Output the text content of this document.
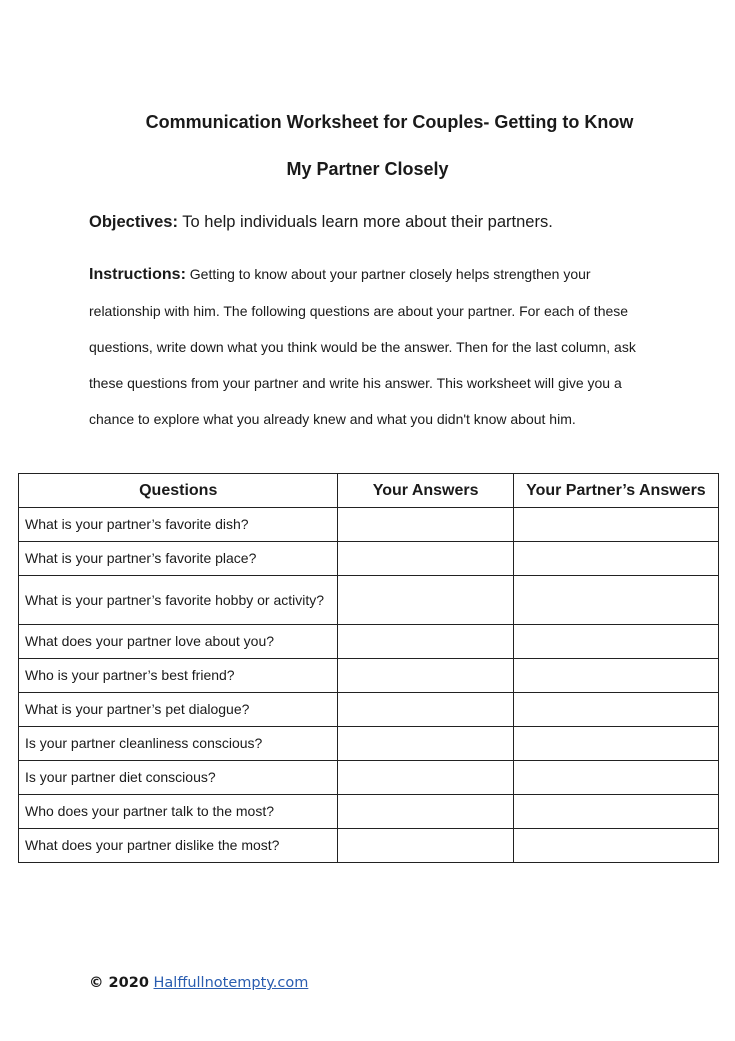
Communication Worksheet for Couples- Getting to Know
My Partner Closely
Objectives: To help individuals learn more about their partners.
Instructions: Getting to know about your partner closely helps strengthen your relationship with him. The following questions are about your partner. For each of these questions, write down what you think would be the answer. Then for the last column, ask these questions from your partner and write his answer. This worksheet will give you a chance to explore what you already knew and what you didn't know about him.
Questions	Your Answers	Your Partner’s Answers
What is your partner’s favorite dish?		
What is your partner’s favorite place?		
What is your partner’s favorite hobby or activity?		
What does your partner love about you?		
Who is your partner’s best friend?		
What is your partner’s pet dialogue?		
Is your partner cleanliness conscious?		
Is your partner diet conscious?		
Who does your partner talk to the most?		
What does your partner dislike the most?		
© 2020 Halffullnotempty.com
